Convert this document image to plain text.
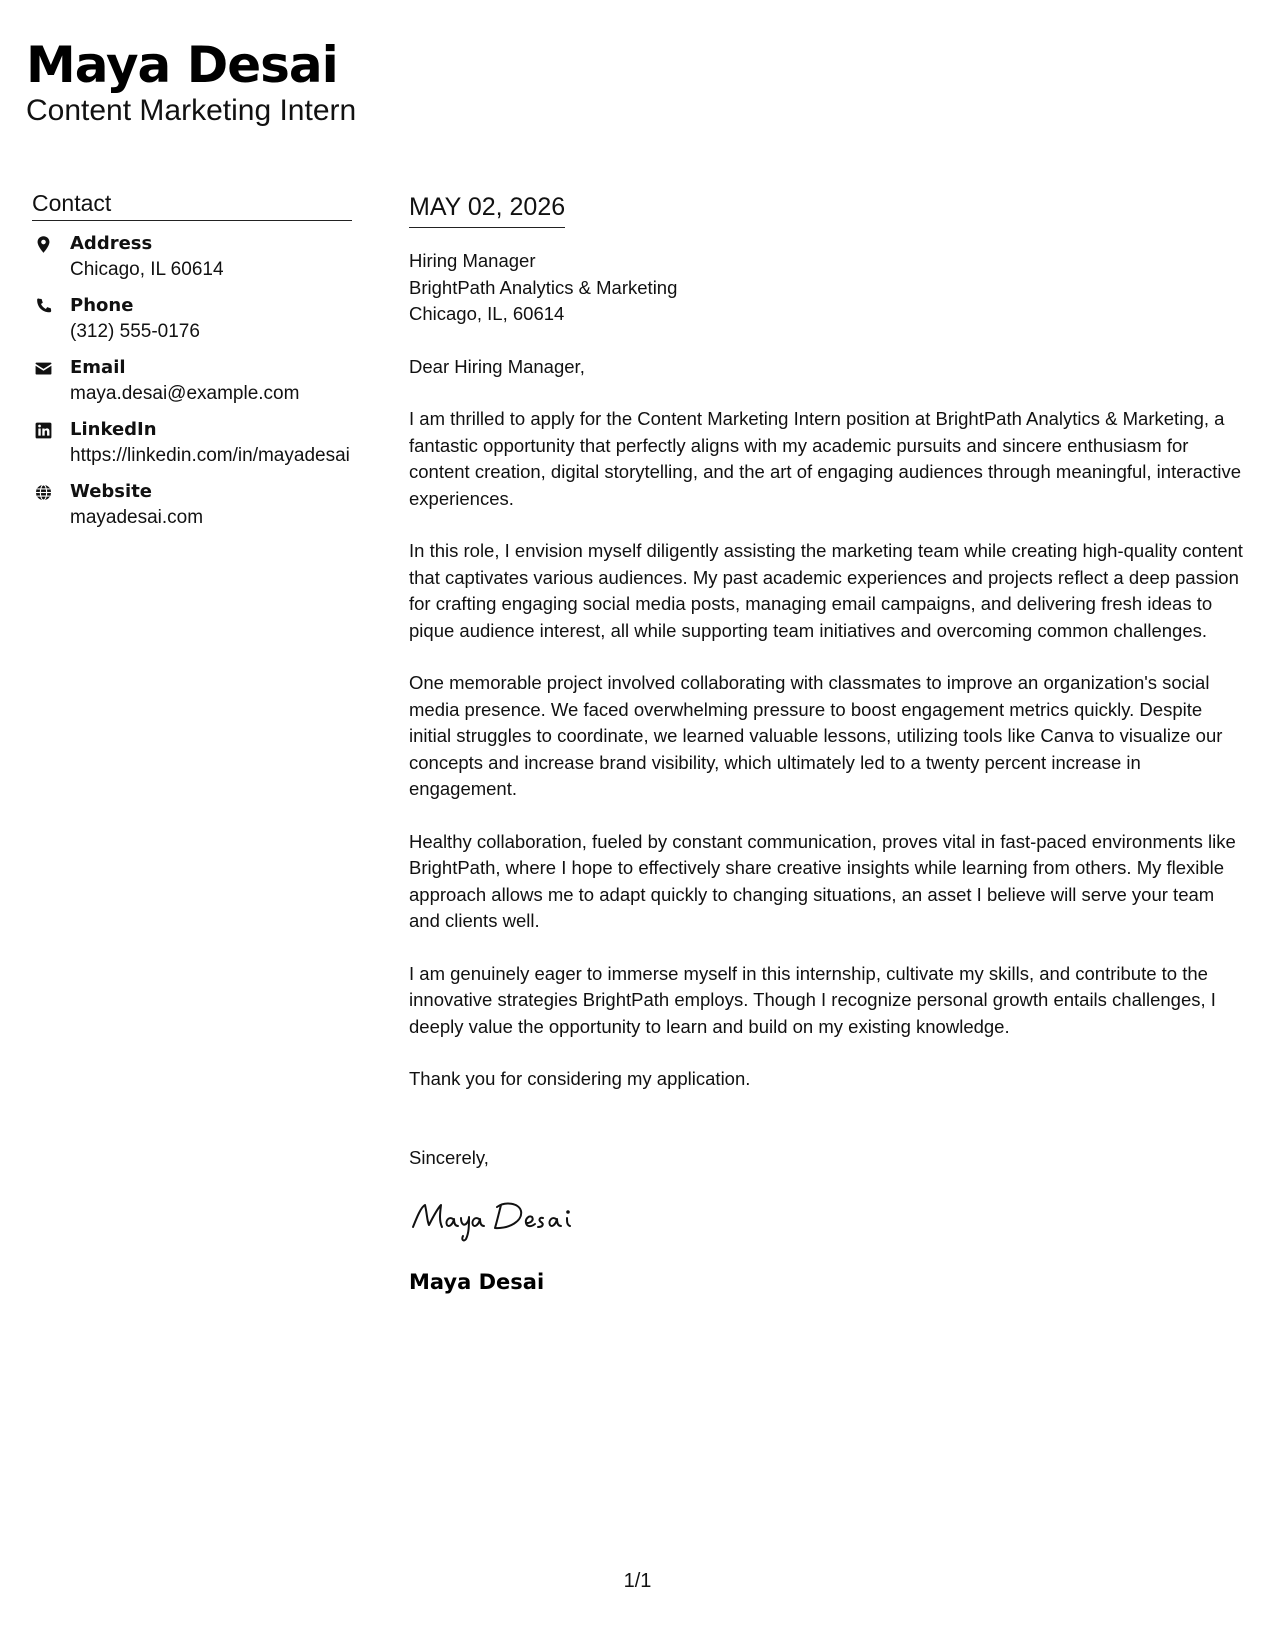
Maya Desai
Content Marketing Intern
Contact
Address
Chicago, IL 60614
Phone
(312) 555-0176
Email
maya.desai@example.com
LinkedIn
https://linkedin.com/in/mayadesai
Website
mayadesai.com
MAY 02, 2026
Hiring Manager
BrightPath Analytics & Marketing
Chicago, IL, 60614

Dear Hiring Manager,

I am thrilled to apply for the Content Marketing Intern position at BrightPath Analytics & Marketing, a fantastic opportunity that perfectly aligns with my academic pursuits and sincere enthusiasm for content creation, digital storytelling, and the art of engaging audiences through meaningful, interactive experiences.

In this role, I envision myself diligently assisting the marketing team while creating high-quality content that captivates various audiences. My past academic experiences and projects reflect a deep passion for crafting engaging social media posts, managing email campaigns, and delivering fresh ideas to pique audience interest, all while supporting team initiatives and overcoming common challenges.

One memorable project involved collaborating with classmates to improve an organization's social media presence. We faced overwhelming pressure to boost engagement metrics quickly. Despite initial struggles to coordinate, we learned valuable lessons, utilizing tools like Canva to visualize our concepts and increase brand visibility, which ultimately led to a twenty percent increase in engagement.

Healthy collaboration, fueled by constant communication, proves vital in fast-paced environments like BrightPath, where I hope to effectively share creative insights while learning from others. My flexible approach allows me to adapt quickly to changing situations, an asset I believe will serve your team and clients well.

I am genuinely eager to immerse myself in this internship, cultivate my skills, and contribute to the innovative strategies BrightPath employs. Though I recognize personal growth entails challenges, I deeply value the opportunity to learn and build on my existing knowledge.

Thank you for considering my application.

Sincerely,
Maya Desai
1/1
